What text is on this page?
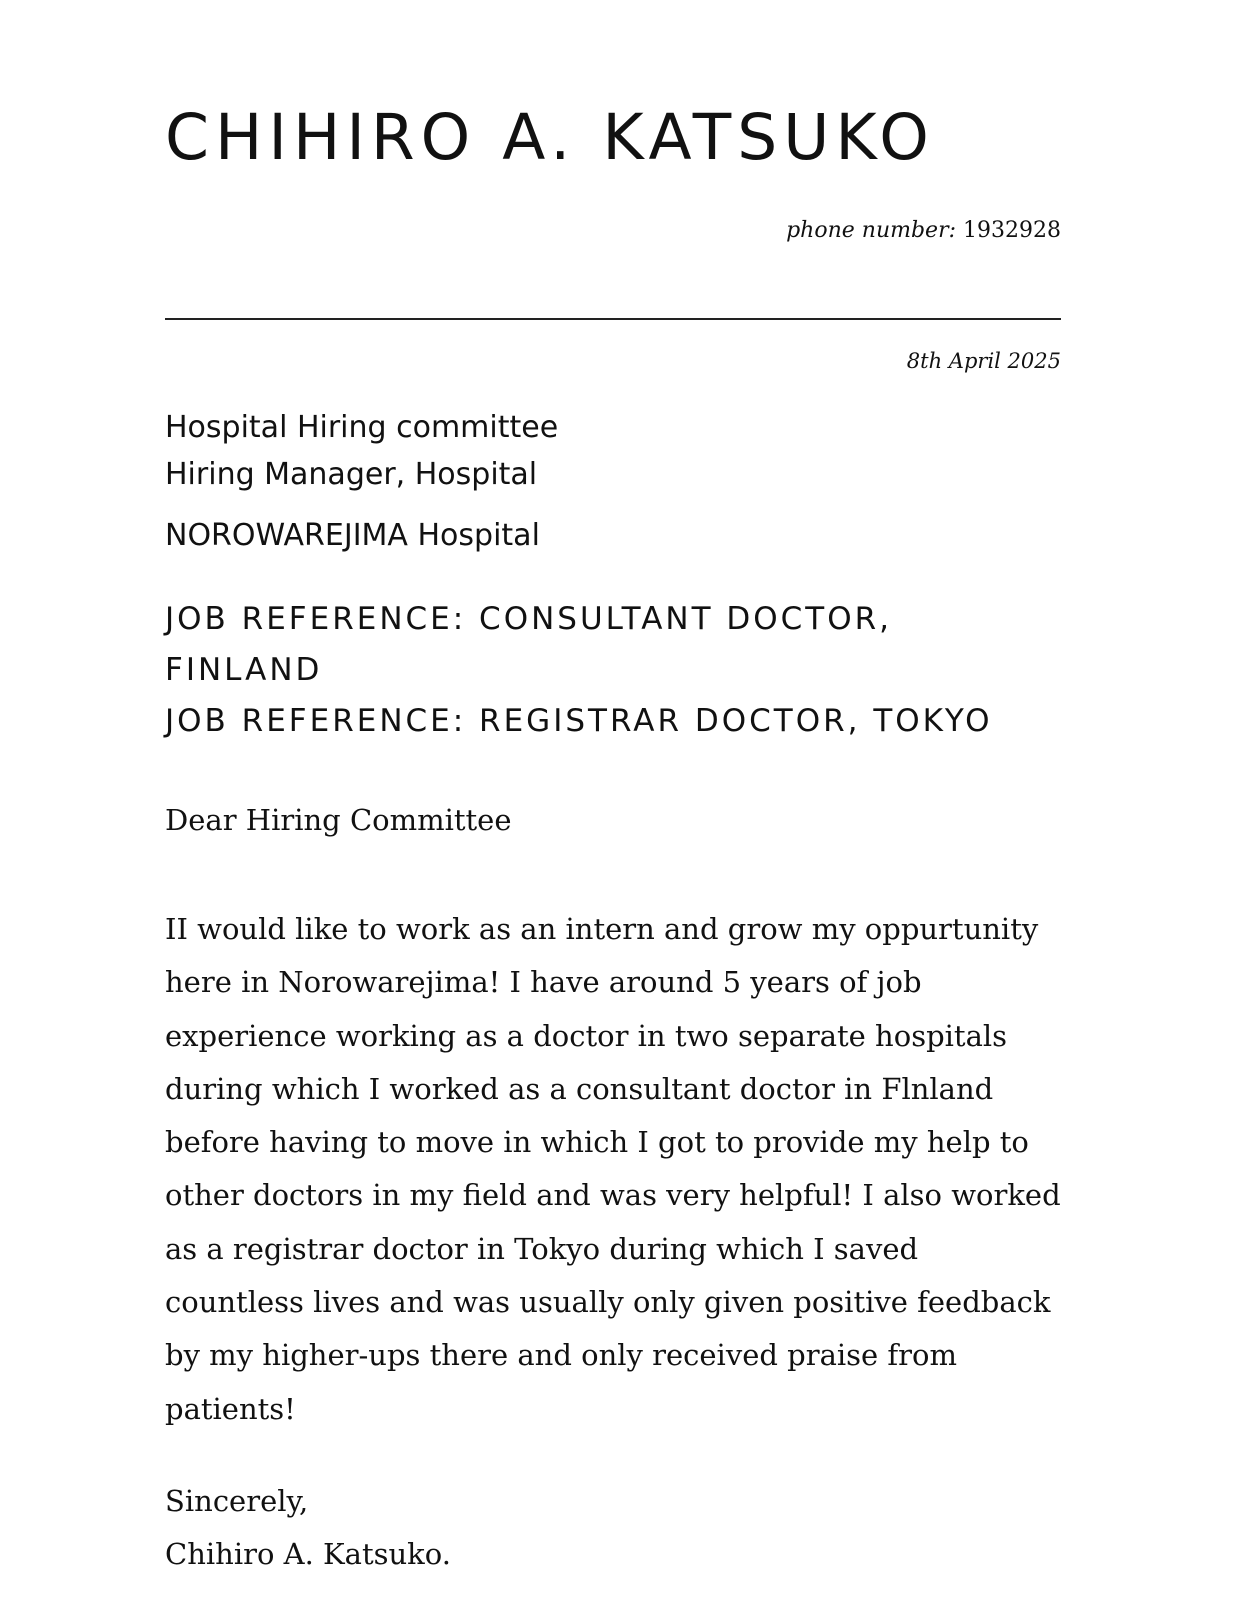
CHIHIRO A. KATSUKO
phone number: 1932928
8th April 2025
Hospital Hiring committee
Hiring Manager, Hospital
NOROWAREJIMA Hospital
JOB REFERENCE: CONSULTANT DOCTOR, FINLAND
JOB REFERENCE: REGISTRAR DOCTOR, TOKYO
Dear Hiring Committee

II would like to work as an intern and grow my oppurtunity here in Norowarejima! I have around 5 years of job experience working as a doctor in two separate hospitals during which I worked as a consultant doctor in Flnland before having to move in which I got to provide my help to other doctors in my field and was very helpful! I also worked as a registrar doctor in Tokyo during which I saved countless lives and was usually only given positive feedback by my higher-ups there and only received praise from patients!

Sincerely,
Chihiro A. Katsuko.
